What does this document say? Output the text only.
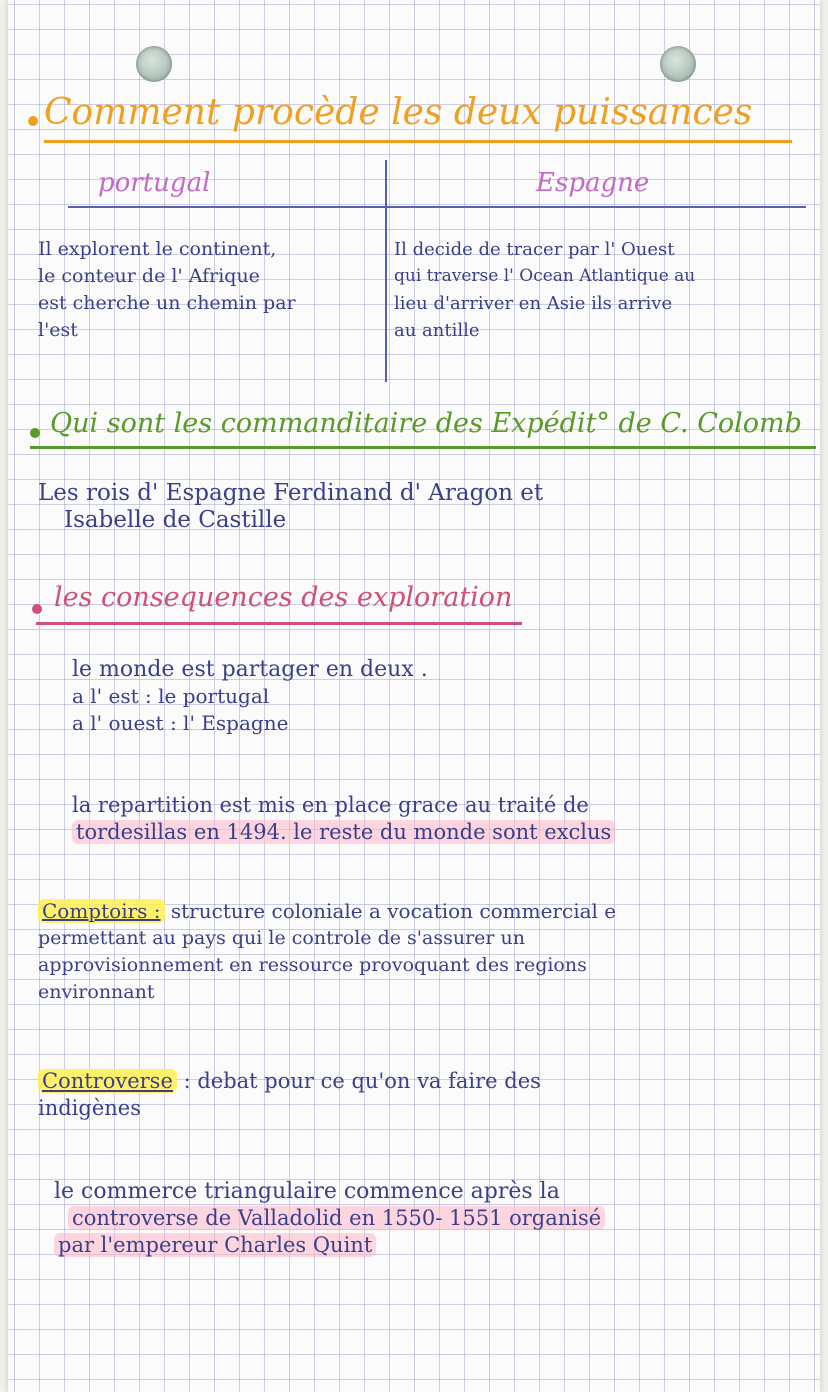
Comment procède les deux puissances
portugal	Espagne
Il explorent le continent,
le conteur de l' Afrique
est cherche un chemin par
l'est
Il decide de tracer par l' Ouest
qui traverse l' Ocean Atlantique au
lieu d'arriver en Asie ils arrive
au antille
Qui sont les commanditaire des Expédit° de C. Colomb
Les rois d' Espagne Ferdinand d' Aragon et
Isabelle de Castille
les consequences des exploration
le monde est partager en deux .
a l' est : le portugal
a l' ouest : l' Espagne
la repartition est mis en place grace au traité de
tordesillas en 1494. le reste du monde sont exclus
Comptoirs : structure coloniale a vocation commercial e
permettant au pays qui le controle de s'assurer un
approvisionnement en ressource provoquant des regions
environnant
Controverse : debat pour ce qu'on va faire des
indigènes
le commerce triangulaire commence après la
controverse de Valladolid en 1550- 1551 organisé
par l'empereur Charles Quint
